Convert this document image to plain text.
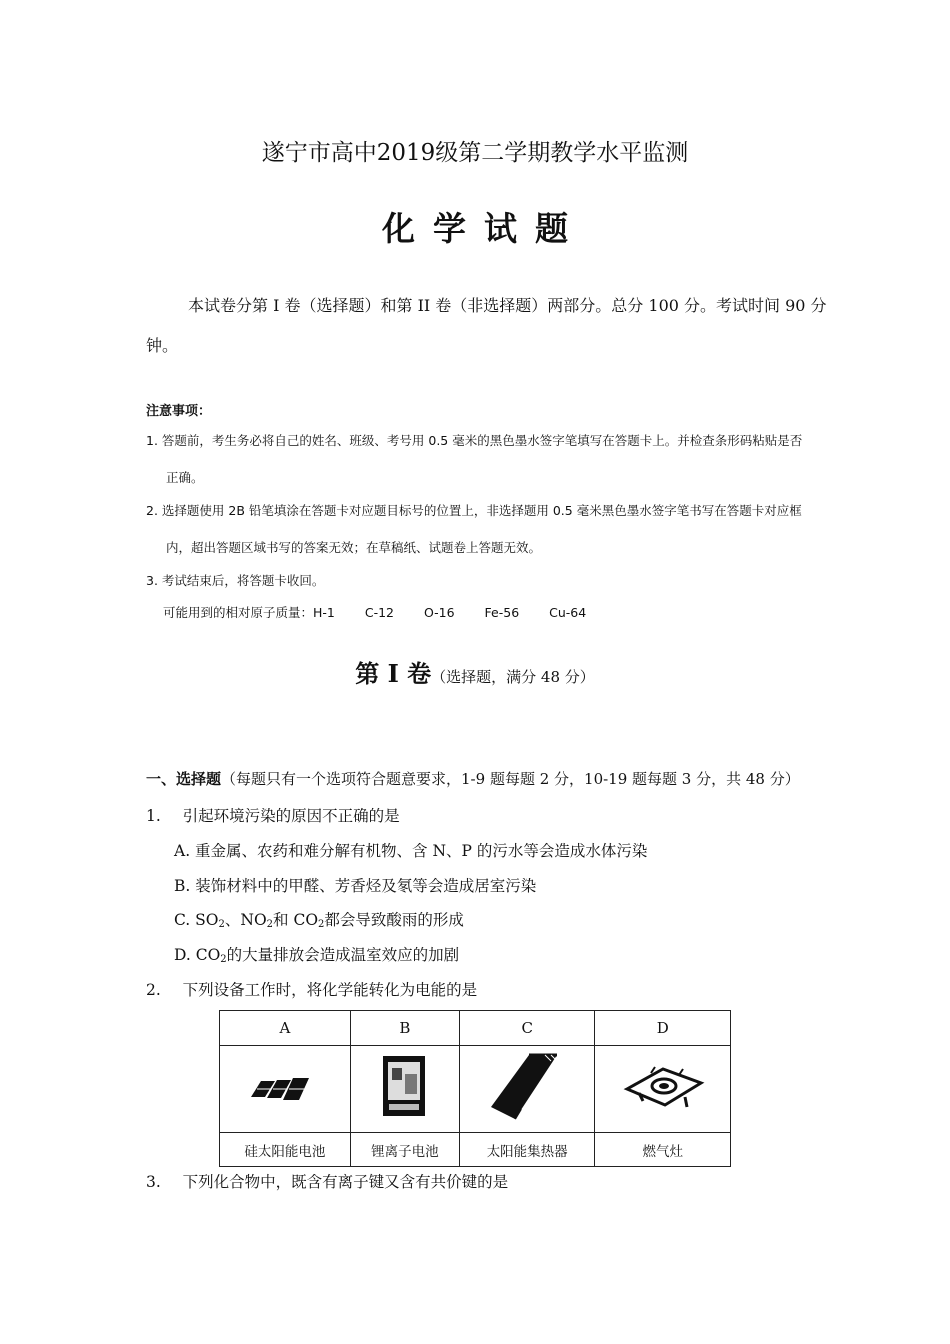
遂宁市高中2019级第二学期教学水平监测
化学试题
本试卷分第 I 卷（选择题）和第 II 卷（非选择题）两部分。总分 100 分。考试时间 90 分
钟。
注意事项：
1. 答题前，考生务必将自己的姓名、班级、考号用 0.5 毫米的黑色墨水签字笔填写在答题卡上。并检查条形码粘贴是否
正确。
2. 选择题使用 2B 铅笔填涂在答题卡对应题目标号的位置上，非选择题用 0.5 毫米黑色墨水签字笔书写在答题卡对应框
内，超出答题区域书写的答案无效；在草稿纸、试题卷上答题无效。
3. 考试结束后，将答题卡收回。
可能用到的相对原子质量：H-1 C-12 O-16 Fe-56 Cu-64
第 I 卷（选择题，满分 48 分）
一、选择题（每题只有一个选项符合题意要求，1-9 题每题 2 分，10-19 题每题 3 分，共 48 分）
1. 引起环境污染的原因不正确的是
A. 重金属、农药和难分解有机物、含 N、P 的污水等会造成水体污染
B. 装饰材料中的甲醛、芳香烃及氡等会造成居室污染
C. $SO_2$、$NO_2$和 $CO_2$都会导致酸雨的形成
D. $CO_2$的大量排放会造成温室效应的加剧
2. 下列设备工作时，将化学能转化为电能的是
A	B	C	D

硅太阳能电池	锂离子电池	太阳能集热器	燃气灶
3. 下列化合物中，既含有离子键又含有共价键的是
